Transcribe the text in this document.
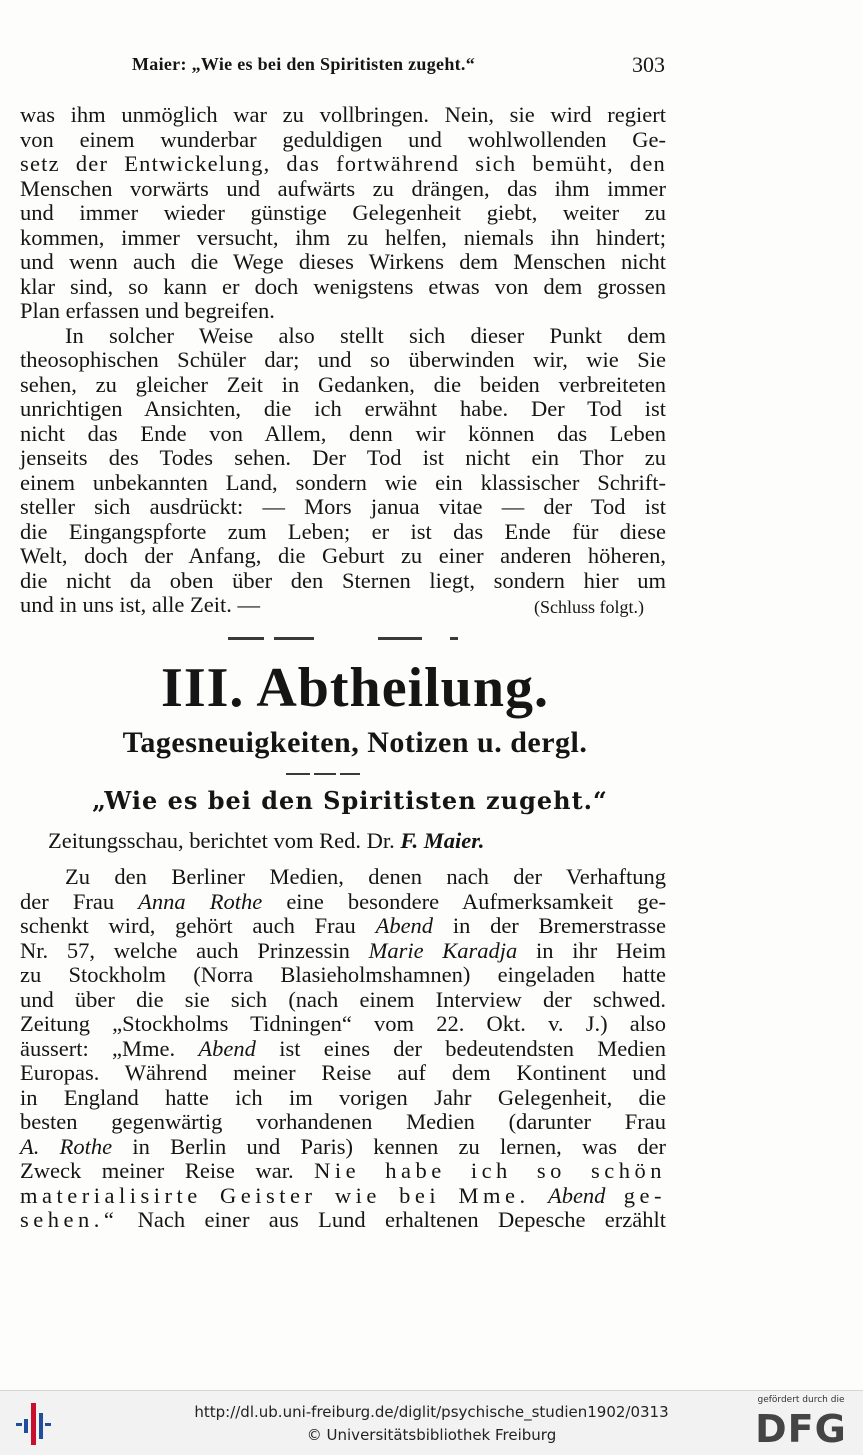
Maier: „Wie es bei den Spiritisten zugeht.“	303
was ihm unmöglich war zu vollbringen. Nein, sie wird regiert
von einem wunderbar geduldigen und wohlwollenden Ge-
setz der Entwickelung, das fortwährend sich bemüht, den
Menschen vorwärts und aufwärts zu drängen, das ihm immer
und immer wieder günstige Gelegenheit giebt, weiter zu
kommen, immer versucht, ihm zu helfen, niemals ihn hindert;
und wenn auch die Wege dieses Wirkens dem Menschen nicht
klar sind, so kann er doch wenigstens etwas von dem grossen
Plan erfassen und begreifen.
In solcher Weise also stellt sich dieser Punkt dem
theosophischen Schüler dar; und so überwinden wir, wie Sie
sehen, zu gleicher Zeit in Gedanken, die beiden verbreiteten
unrichtigen Ansichten, die ich erwähnt habe. Der Tod ist
nicht das Ende von Allem, denn wir können das Leben
jenseits des Todes sehen. Der Tod ist nicht ein Thor zu
einem unbekannten Land, sondern wie ein klassischer Schrift-
steller sich ausdrückt: — Mors janua vitae — der Tod ist
die Eingangspforte zum Leben; er ist das Ende für diese
Welt, doch der Anfang, die Geburt zu einer anderen höheren,
die nicht da oben über den Sternen liegt, sondern hier um
und in uns ist, alle Zeit. —	(Schluss folgt.)
III. Abtheilung.
Tagesneuigkeiten, Notizen u. dergl.
„Wie es bei den Spiritisten zugeht.“
Zeitungsschau, berichtet vom Red. Dr. F. Maier.
Zu den Berliner Medien, denen nach der Verhaftung
der Frau Anna Rothe eine besondere Aufmerksamkeit ge-
schenkt wird, gehört auch Frau Abend in der Bremerstrasse
Nr. 57, welche auch Prinzessin Marie Karadja in ihr Heim
zu Stockholm (Norra Blasieholmshamnen) eingeladen hatte
und über die sie sich (nach einem Interview der schwed.
Zeitung „Stockholms Tidningen“ vom 22. Okt. v. J.) also
äussert: „Mme. Abend ist eines der bedeutendsten Medien
Europas. Während meiner Reise auf dem Kontinent und
in England hatte ich im vorigen Jahr Gelegenheit, die
besten gegenwärtig vorhandenen Medien (darunter Frau
A. Rothe in Berlin und Paris) kennen zu lernen, was der
Zweck meiner Reise war. Nie habe ich so schön
materialisirte Geister wie bei Mme. Abend ge-
sehen.“ Nach einer aus Lund erhaltenen Depesche erzählt
http://dl.ub.uni-freiburg.de/diglit/psychische_studien1902/0313
© Universitätsbibliothek Freiburg
gefördert durch die
DFG
